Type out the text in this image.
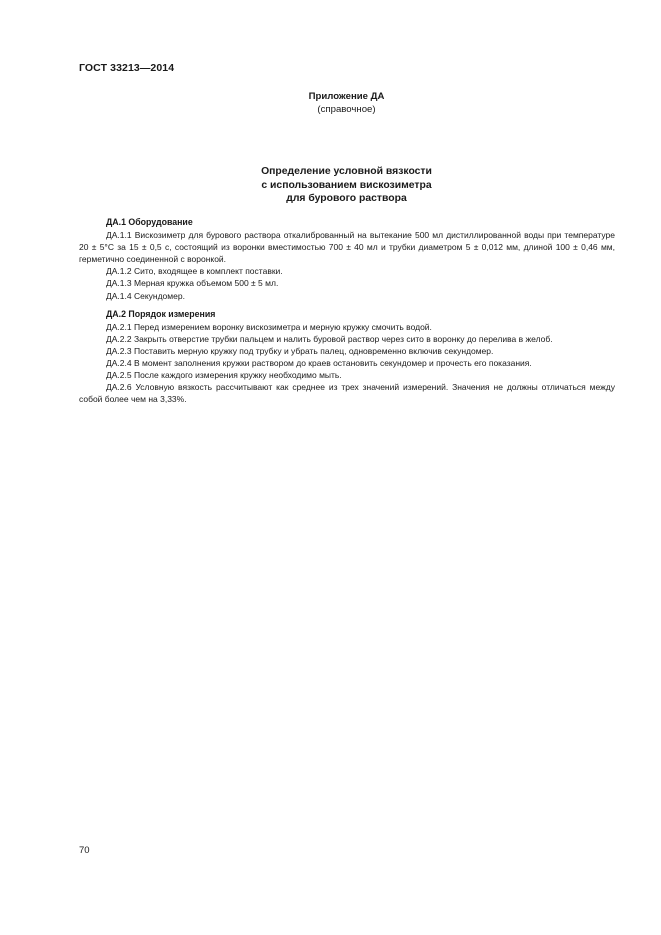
ГОСТ 33213—2014
Приложение ДА
(справочное)
Определение условной вязкости
с использованием вискозиметра
для бурового раствора
ДА.1 Оборудование

ДА.1.1 Вискозиметр для бурового раствора откалиброванный на вытекание 500 мл дистиллированной воды при температуре 20 ± 5°С за 15 ± 0,5 с, состоящий из воронки вместимостью 700 ± 40 мл и трубки диаметром 5 ± 0,012 мм, длиной 100 ± 0,46 мм, герметично соединенной с воронкой.

ДА.1.2 Сито, входящее в комплект поставки.

ДА.1.3 Мерная кружка объемом 500 ± 5 мл.

ДА.1.4 Секундомер.

ДА.2 Порядок измерения

ДА.2.1 Перед измерением воронку вискозиметра и мерную кружку смочить водой.

ДА.2.2 Закрыть отверстие трубки пальцем и налить буровой раствор через сито в воронку до перелива в желоб.

ДА.2.3 Поставить мерную кружку под трубку и убрать палец, одновременно включив секундомер.

ДА.2.4 В момент заполнения кружки раствором до краев остановить секундомер и прочесть его показания.

ДА.2.5 После каждого измерения кружку необходимо мыть.

ДА.2.6 Условную вязкость рассчитывают как среднее из трех значений измерений. Значения не должны отличаться между собой более чем на 3,33%.

70
